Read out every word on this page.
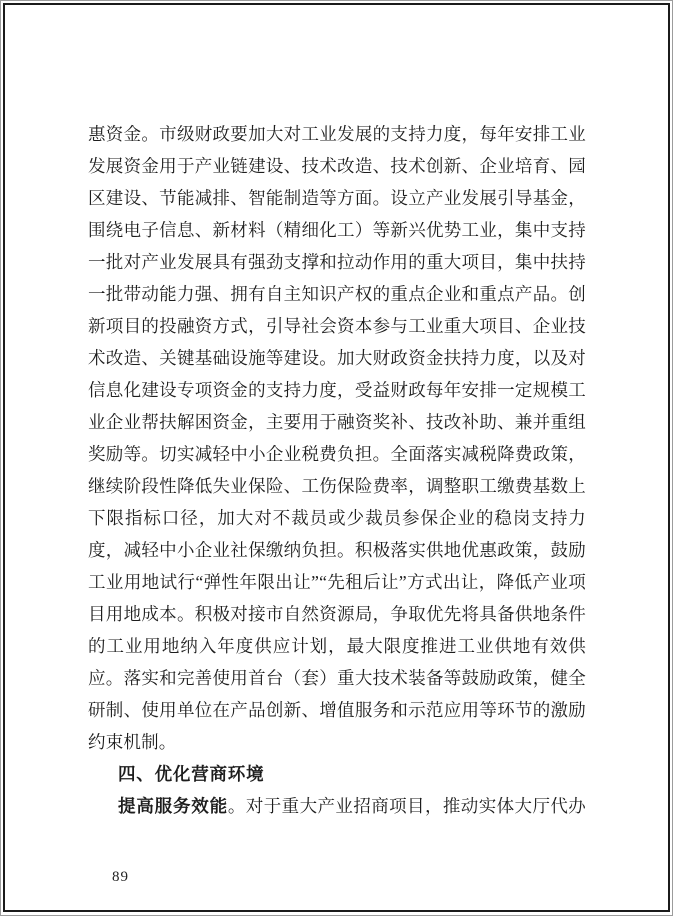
惠资金。市级财政要加大对工业发展的支持力度，每年安排工业
发展资金用于产业链建设、技术改造、技术创新、企业培育、园
区建设、节能减排、智能制造等方面。设立产业发展引导基金，
围绕电子信息、新材料（精细化工）等新兴优势工业，集中支持
一批对产业发展具有强劲支撑和拉动作用的重大项目，集中扶持
一批带动能力强、拥有自主知识产权的重点企业和重点产品。创
新项目的投融资方式，引导社会资本参与工业重大项目、企业技
术改造、关键基础设施等建设。加大财政资金扶持力度，以及对
信息化建设专项资金的支持力度，受益财政每年安排一定规模工
业企业帮扶解困资金，主要用于融资奖补、技改补助、兼并重组
奖励等。切实减轻中小企业税费负担。全面落实减税降费政策，
继续阶段性降低失业保险、工伤保险费率，调整职工缴费基数上
下限指标口径，加大对不裁员或少裁员参保企业的稳岗支持力
度，减轻中小企业社保缴纳负担。积极落实供地优惠政策，鼓励
工业用地试行“弹性年限出让”“先租后让”方式出让，降低产业项
目用地成本。积极对接市自然资源局，争取优先将具备供地条件
的工业用地纳入年度供应计划，最大限度推进工业供地有效供
应。落实和完善使用首台（套）重大技术装备等鼓励政策，健全
研制、使用单位在产品创新、增值服务和示范应用等环节的激励
约束机制。
四、优化营商环境
提高服务效能。对于重大产业招商项目，推动实体大厅代办
89
